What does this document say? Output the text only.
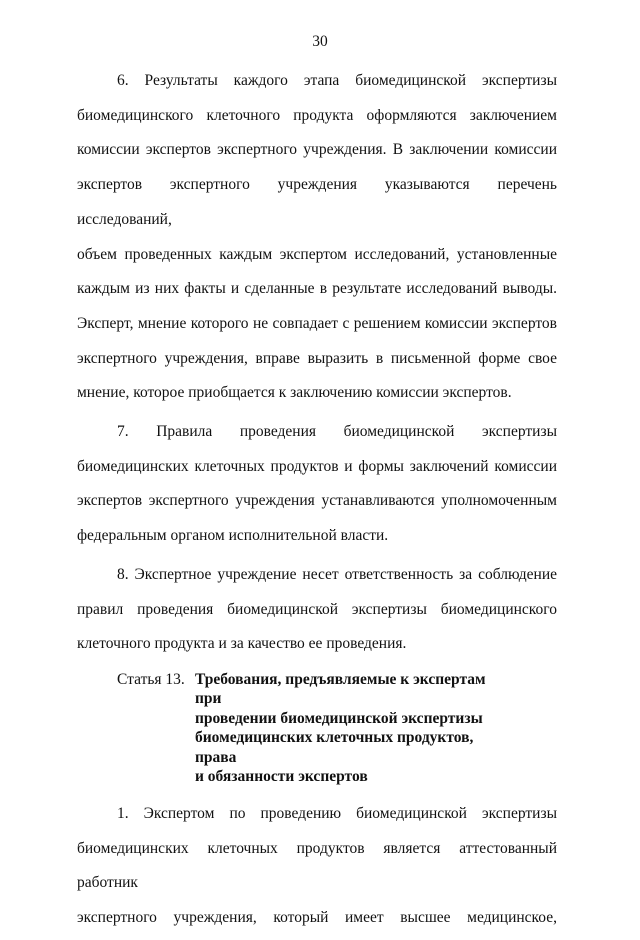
30
6. Результаты каждого этапа биомедицинской экспертизы
биомедицинского клеточного продукта оформляются заключением
комиссии экспертов экспертного учреждения. В заключении комиссии
экспертов экспертного учреждения указываются перечень исследований,
объем проведенных каждым экспертом исследований, установленные
каждым из них факты и сделанные в результате исследований выводы.
Эксперт, мнение которого не совпадает с решением комиссии экспертов
экспертного учреждения, вправе выразить в письменной форме свое
мнение, которое приобщается к заключению комиссии экспертов.
7. Правила проведения биомедицинской экспертизы
биомедицинских клеточных продуктов и формы заключений комиссии
экспертов экспертного учреждения устанавливаются уполномоченным
федеральным органом исполнительной власти.
8. Экспертное учреждение несет ответственность за соблюдение
правил проведения биомедицинской экспертизы биомедицинского
клеточного продукта и за качество ее проведения.
Статья 13. Требования, предъявляемые к экспертам при
проведении биомедицинской экспертизы
биомедицинских клеточных продуктов, права
и обязанности экспертов
1. Экспертом по проведению биомедицинской экспертизы
биомедицинских клеточных продуктов является аттестованный работник
экспертного учреждения, который имеет высшее медицинское,
